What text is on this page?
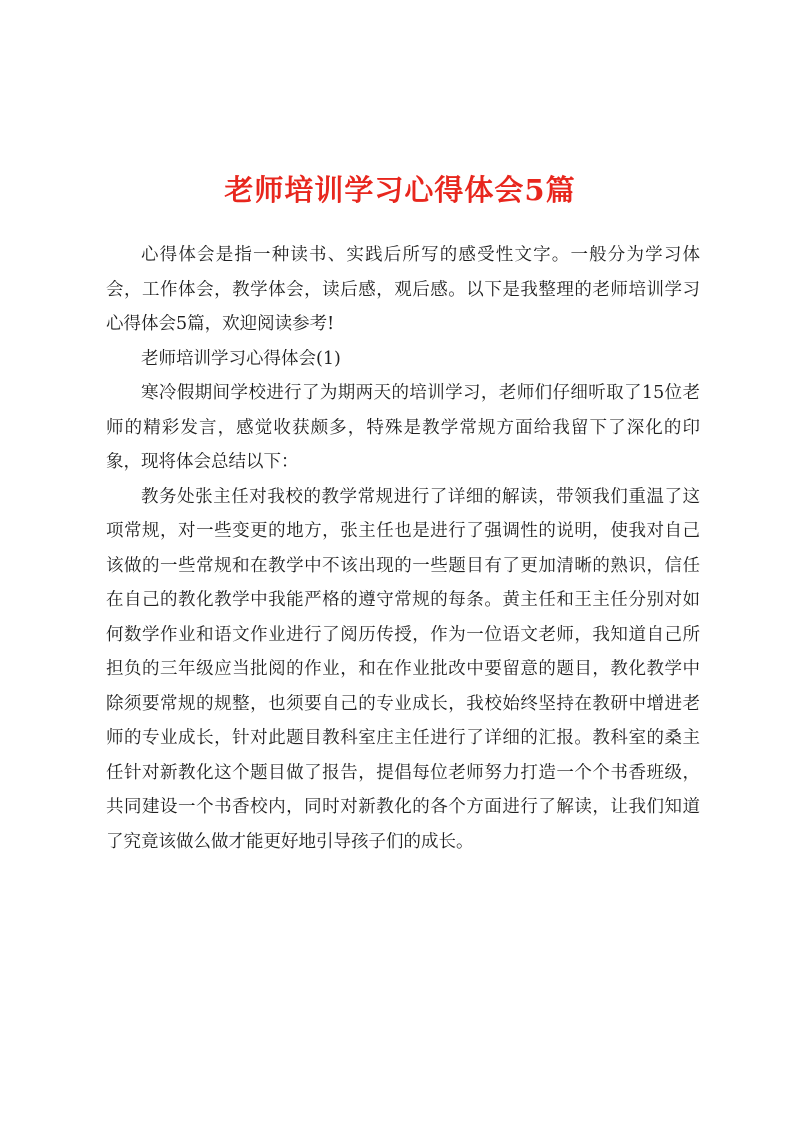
老师培训学习心得体会5篇

心得体会是指一种读书、实践后所写的感受性文字。一般分为学习体会，工作体会，教学体会，读后感，观后感。以下是我整理的老师培训学习心得体会5篇，欢迎阅读参考!

老师培训学习心得体会(1)

寒冷假期间学校进行了为期两天的培训学习，老师们仔细听取了15位老师的精彩发言，感觉收获颇多，特殊是教学常规方面给我留下了深化的印象，现将体会总结以下：

教务处张主任对我校的教学常规进行了详细的解读，带领我们重温了这项常规，对一些变更的地方，张主任也是进行了强调性的说明，使我对自己该做的一些常规和在教学中不该出现的一些题目有了更加清晰的熟识，信任在自己的教化教学中我能严格的遵守常规的每条。黄主任和王主任分别对如何数学作业和语文作业进行了阅历传授，作为一位语文老师，我知道自己所担负的三年级应当批阅的作业，和在作业批改中要留意的题目，教化教学中除须要常规的规整，也须要自己的专业成长，我校始终坚持在教研中增进老师的专业成长，针对此题目教科室庄主任进行了详细的汇报。教科室的桑主任针对新教化这个题目做了报告，提倡每位老师努力打造一个个书香班级，共同建设一个书香校内，同时对新教化的各个方面进行了解读，让我们知道了究竟该做么做才能更好地引导孩子们的成长。
